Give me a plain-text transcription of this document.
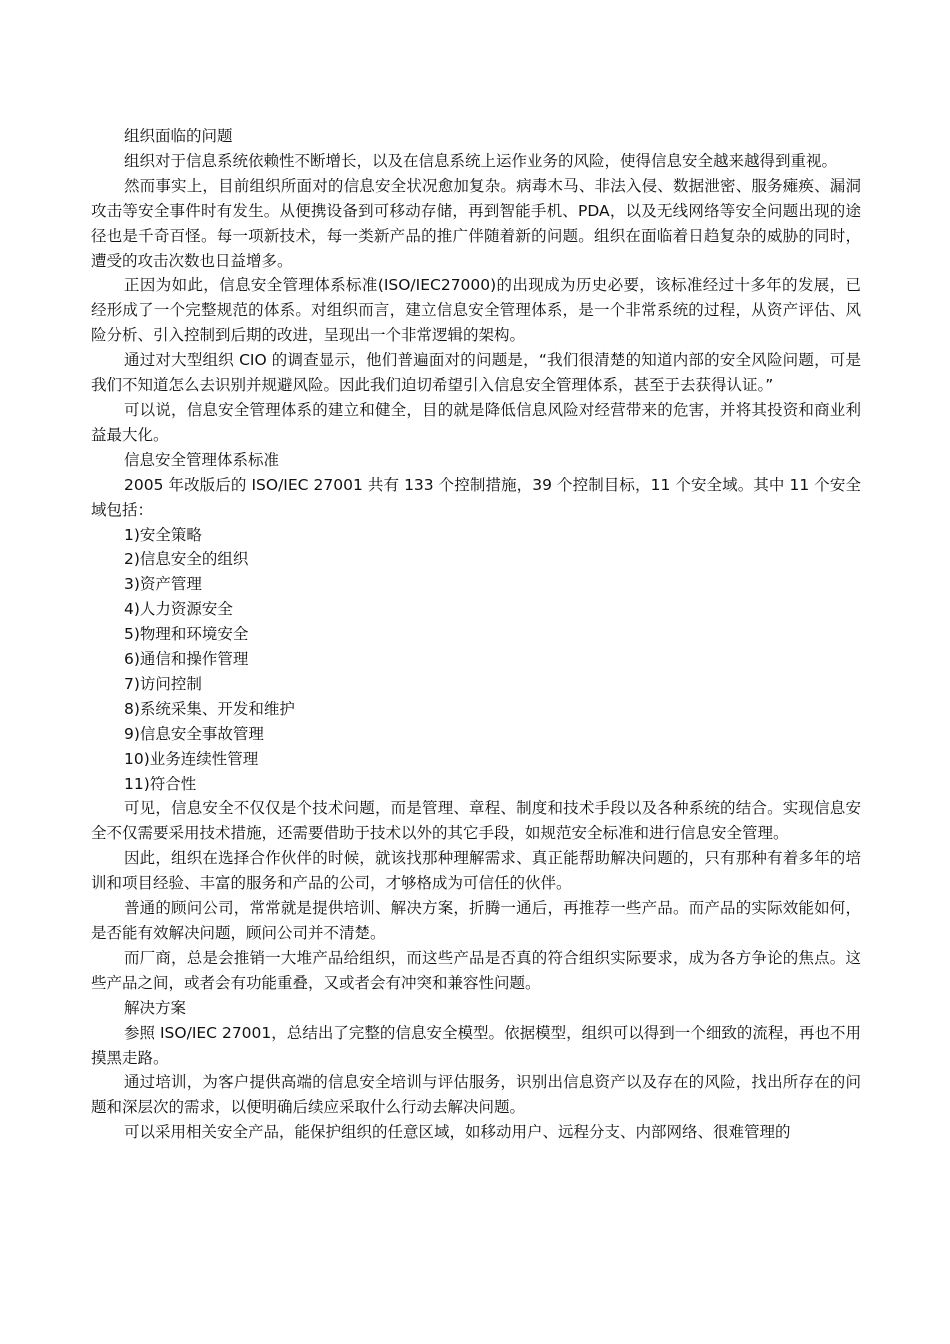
组织面临的问题

组织对于信息系统依赖性不断增长，以及在信息系统上运作业务的风险，使得信息安全越来越得到重视。

然而事实上，目前组织所面对的信息安全状况愈加复杂。病毒木马、非法入侵、数据泄密、服务瘫痪、漏洞攻击等安全事件时有发生。从便携设备到可移动存储，再到智能手机、PDA，以及无线网络等安全问题出现的途径也是千奇百怪。每一项新技术，每一类新产品的推广伴随着新的问题。组织在面临着日趋复杂的威胁的同时，遭受的攻击次数也日益增多。

正因为如此，信息安全管理体系标准(ISO/IEC27000)的出现成为历史必要，该标准经过十多年的发展，已经形成了一个完整规范的体系。对组织而言，建立信息安全管理体系，是一个非常系统的过程，从资产评估、风险分析、引入控制到后期的改进，呈现出一个非常逻辑的架构。

通过对大型组织 CIO 的调查显示，他们普遍面对的问题是，“我们很清楚的知道内部的安全风险问题，可是我们不知道怎么去识别并规避风险。因此我们迫切希望引入信息安全管理体系，甚至于去获得认证。”

可以说，信息安全管理体系的建立和健全，目的就是降低信息风险对经营带来的危害，并将其投资和商业利益最大化。

信息安全管理体系标准

2005 年改版后的 ISO/IEC 27001 共有 133 个控制措施，39 个控制目标，11 个安全域。其中 11 个安全域包括：

1)安全策略

2)信息安全的组织

3)资产管理

4)人力资源安全

5)物理和环境安全

6)通信和操作管理

7)访问控制

8)系统采集、开发和维护

9)信息安全事故管理

10)业务连续性管理

11)符合性

可见，信息安全不仅仅是个技术问题，而是管理、章程、制度和技术手段以及各种系统的结合。实现信息安全不仅需要采用技术措施，还需要借助于技术以外的其它手段，如规范安全标准和进行信息安全管理。

因此，组织在选择合作伙伴的时候，就该找那种理解需求、真正能帮助解决问题的，只有那种有着多年的培训和项目经验、丰富的服务和产品的公司，才够格成为可信任的伙伴。

普通的顾问公司，常常就是提供培训、解决方案，折腾一通后，再推荐一些产品。而产品的实际效能如何，是否能有效解决问题，顾问公司并不清楚。

而厂商，总是会推销一大堆产品给组织，而这些产品是否真的符合组织实际要求，成为各方争论的焦点。这些产品之间，或者会有功能重叠，又或者会有冲突和兼容性问题。

解决方案

参照 ISO/IEC 27001，总结出了完整的信息安全模型。依据模型，组织可以得到一个细致的流程，再也不用摸黑走路。

通过培训，为客户提供高端的信息安全培训与评估服务，识别出信息资产以及存在的风险，找出所存在的问题和深层次的需求，以便明确后续应采取什么行动去解决问题。

可以采用相关安全产品，能保护组织的任意区域，如移动用户、远程分支、内部网络、很难管理的
